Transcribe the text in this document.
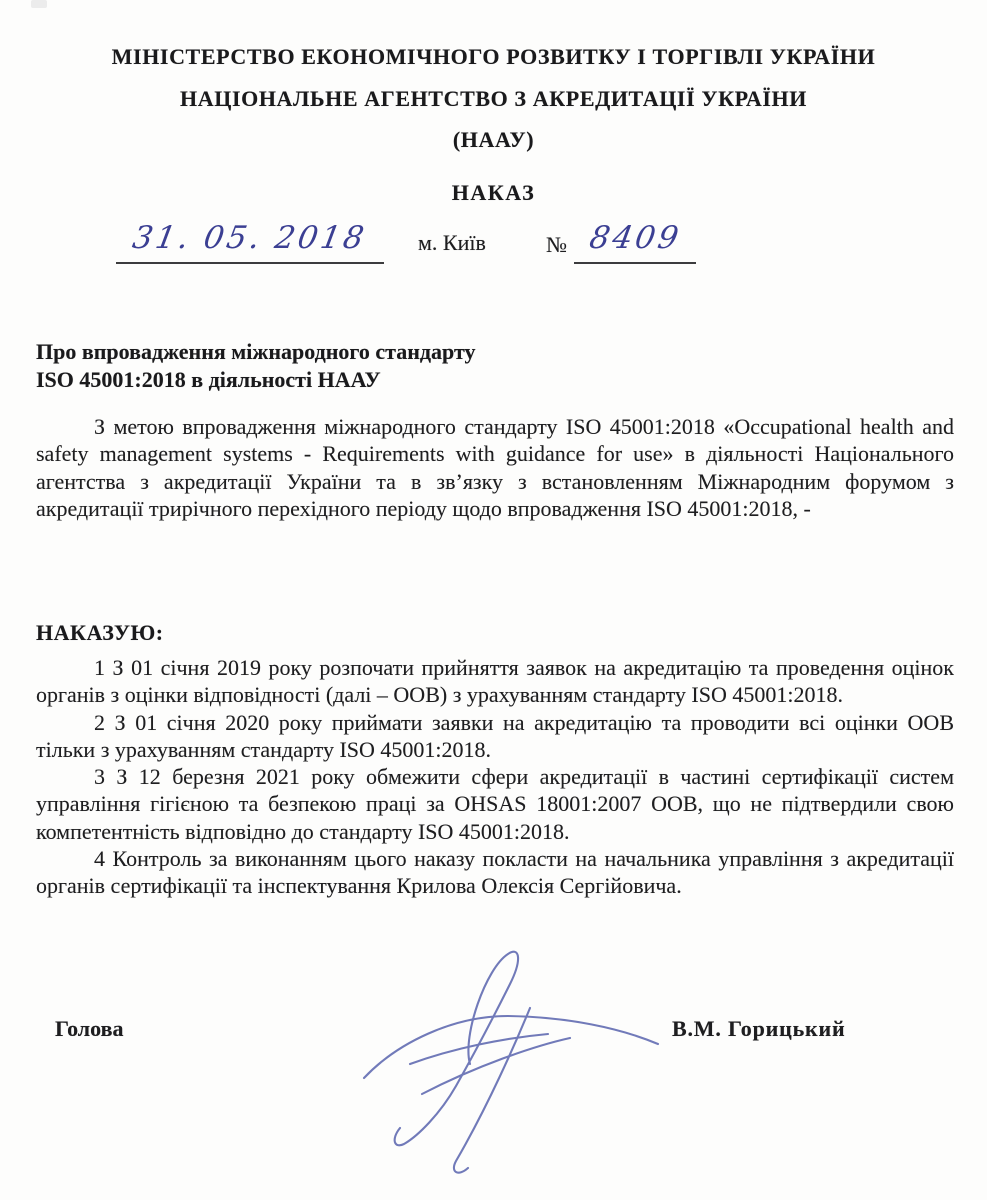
МІНІСТЕРСТВО ЕКОНОМІЧНОГО РОЗВИТКУ І ТОРГІВЛІ УКРАЇНИ
НАЦІОНАЛЬНЕ АГЕНТСТВО З АКРЕДИТАЦІЇ УКРАЇНИ
(НААУ)
НАКАЗ
31. 05. 2018	м. Київ	№ 8409
Про впровадження міжнародного стандарту
ISO 45001:2018 в діяльності НААУ

З метою впровадження міжнародного стандарту ISO 45001:2018 «Occupational health and safety management systems - Requirements with guidance for use» в діяльності Національного агентства з акредитації України та в зв’язку з встановленням Міжнародним форумом з акредитації трирічного перехідного періоду щодо впровадження ISO 45001:2018, -

НАКАЗУЮ:

1 З 01 січня 2019 року розпочати прийняття заявок на акредитацію та проведення оцінок органів з оцінки відповідності (далі – ООВ) з урахуванням стандарту ISO 45001:2018.

2 З 01 січня 2020 року приймати заявки на акредитацію та проводити всі оцінки ООВ тільки з урахуванням стандарту ISO 45001:2018.

3 З 12 березня 2021 року обмежити сфери акредитації в частині сертифікації систем управління гігієною та безпекою праці за OHSAS 18001:2007 ООВ, що не підтвердили свою компетентність відповідно до стандарту ISO 45001:2018.

4 Контроль за виконанням цього наказу покласти на начальника управління з акредитації органів сертифікації та інспектування Крилова Олексія Сергійовича.

Голова	В.М. Горицький
